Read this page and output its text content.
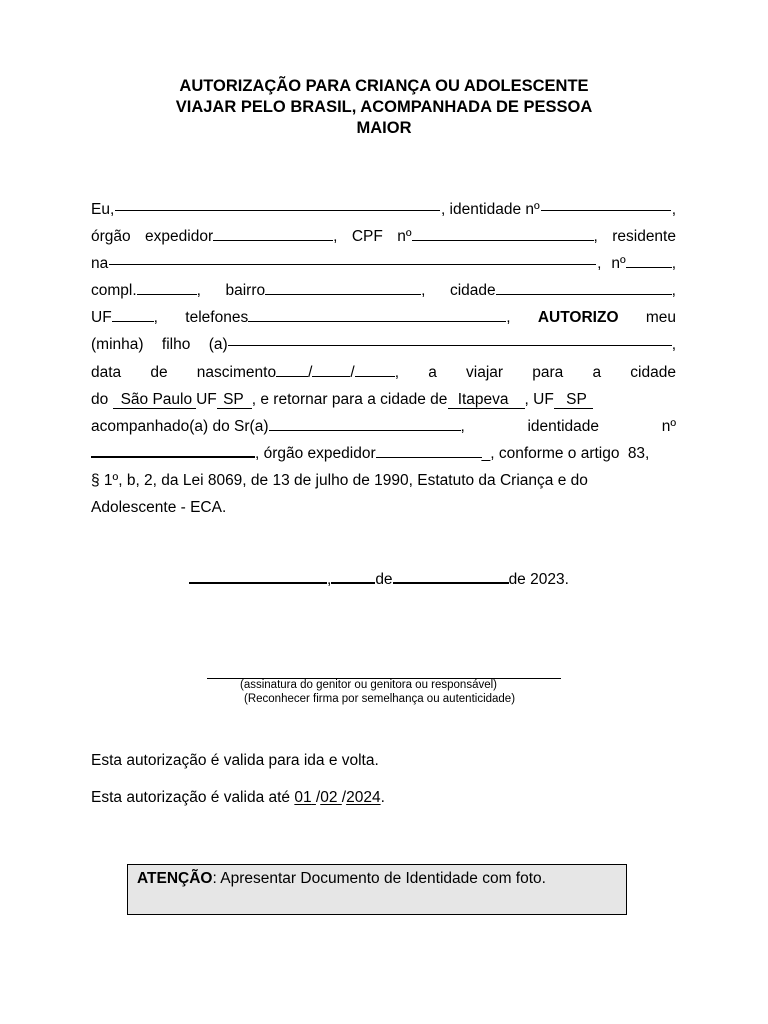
AUTORIZAÇÃO PARA CRIANÇA OU ADOLESCENTE
VIAJAR PELO BRASIL, ACOMPANHADA DE PESSOA
MAIOR
Eu,	, identidade nº	,
órgão expedidor	, CPF nº	, residente
na	, nº	,
compl.	, bairro	, cidade	,
UF	, telefones	, AUTORIZO meu
(minha) filho (a)	,
data de nascimento / /	, a viajar para a cidade
do São Paulo UF SP , e retornar para a cidade de Itapeva , UF SP
acompanhado(a) do Sr(a)	,	identidade	nº
, órgão expedidor	_, conforme o artigo 83,
§ 1º, b, 2, da Lei 8069, de 13 de julho de 1990, Estatuto da Criança e do
Adolescente - ECA.
,	de	de 2023.
(assinatura do genitor ou genitora ou responsável)
(Reconhecer firma por semelhança ou autenticidade)
Esta autorização é valida para ida e volta.
Esta autorização é valida até 01 /02 /2024.
ATENÇÃO: Apresentar Documento de Identidade com foto.
